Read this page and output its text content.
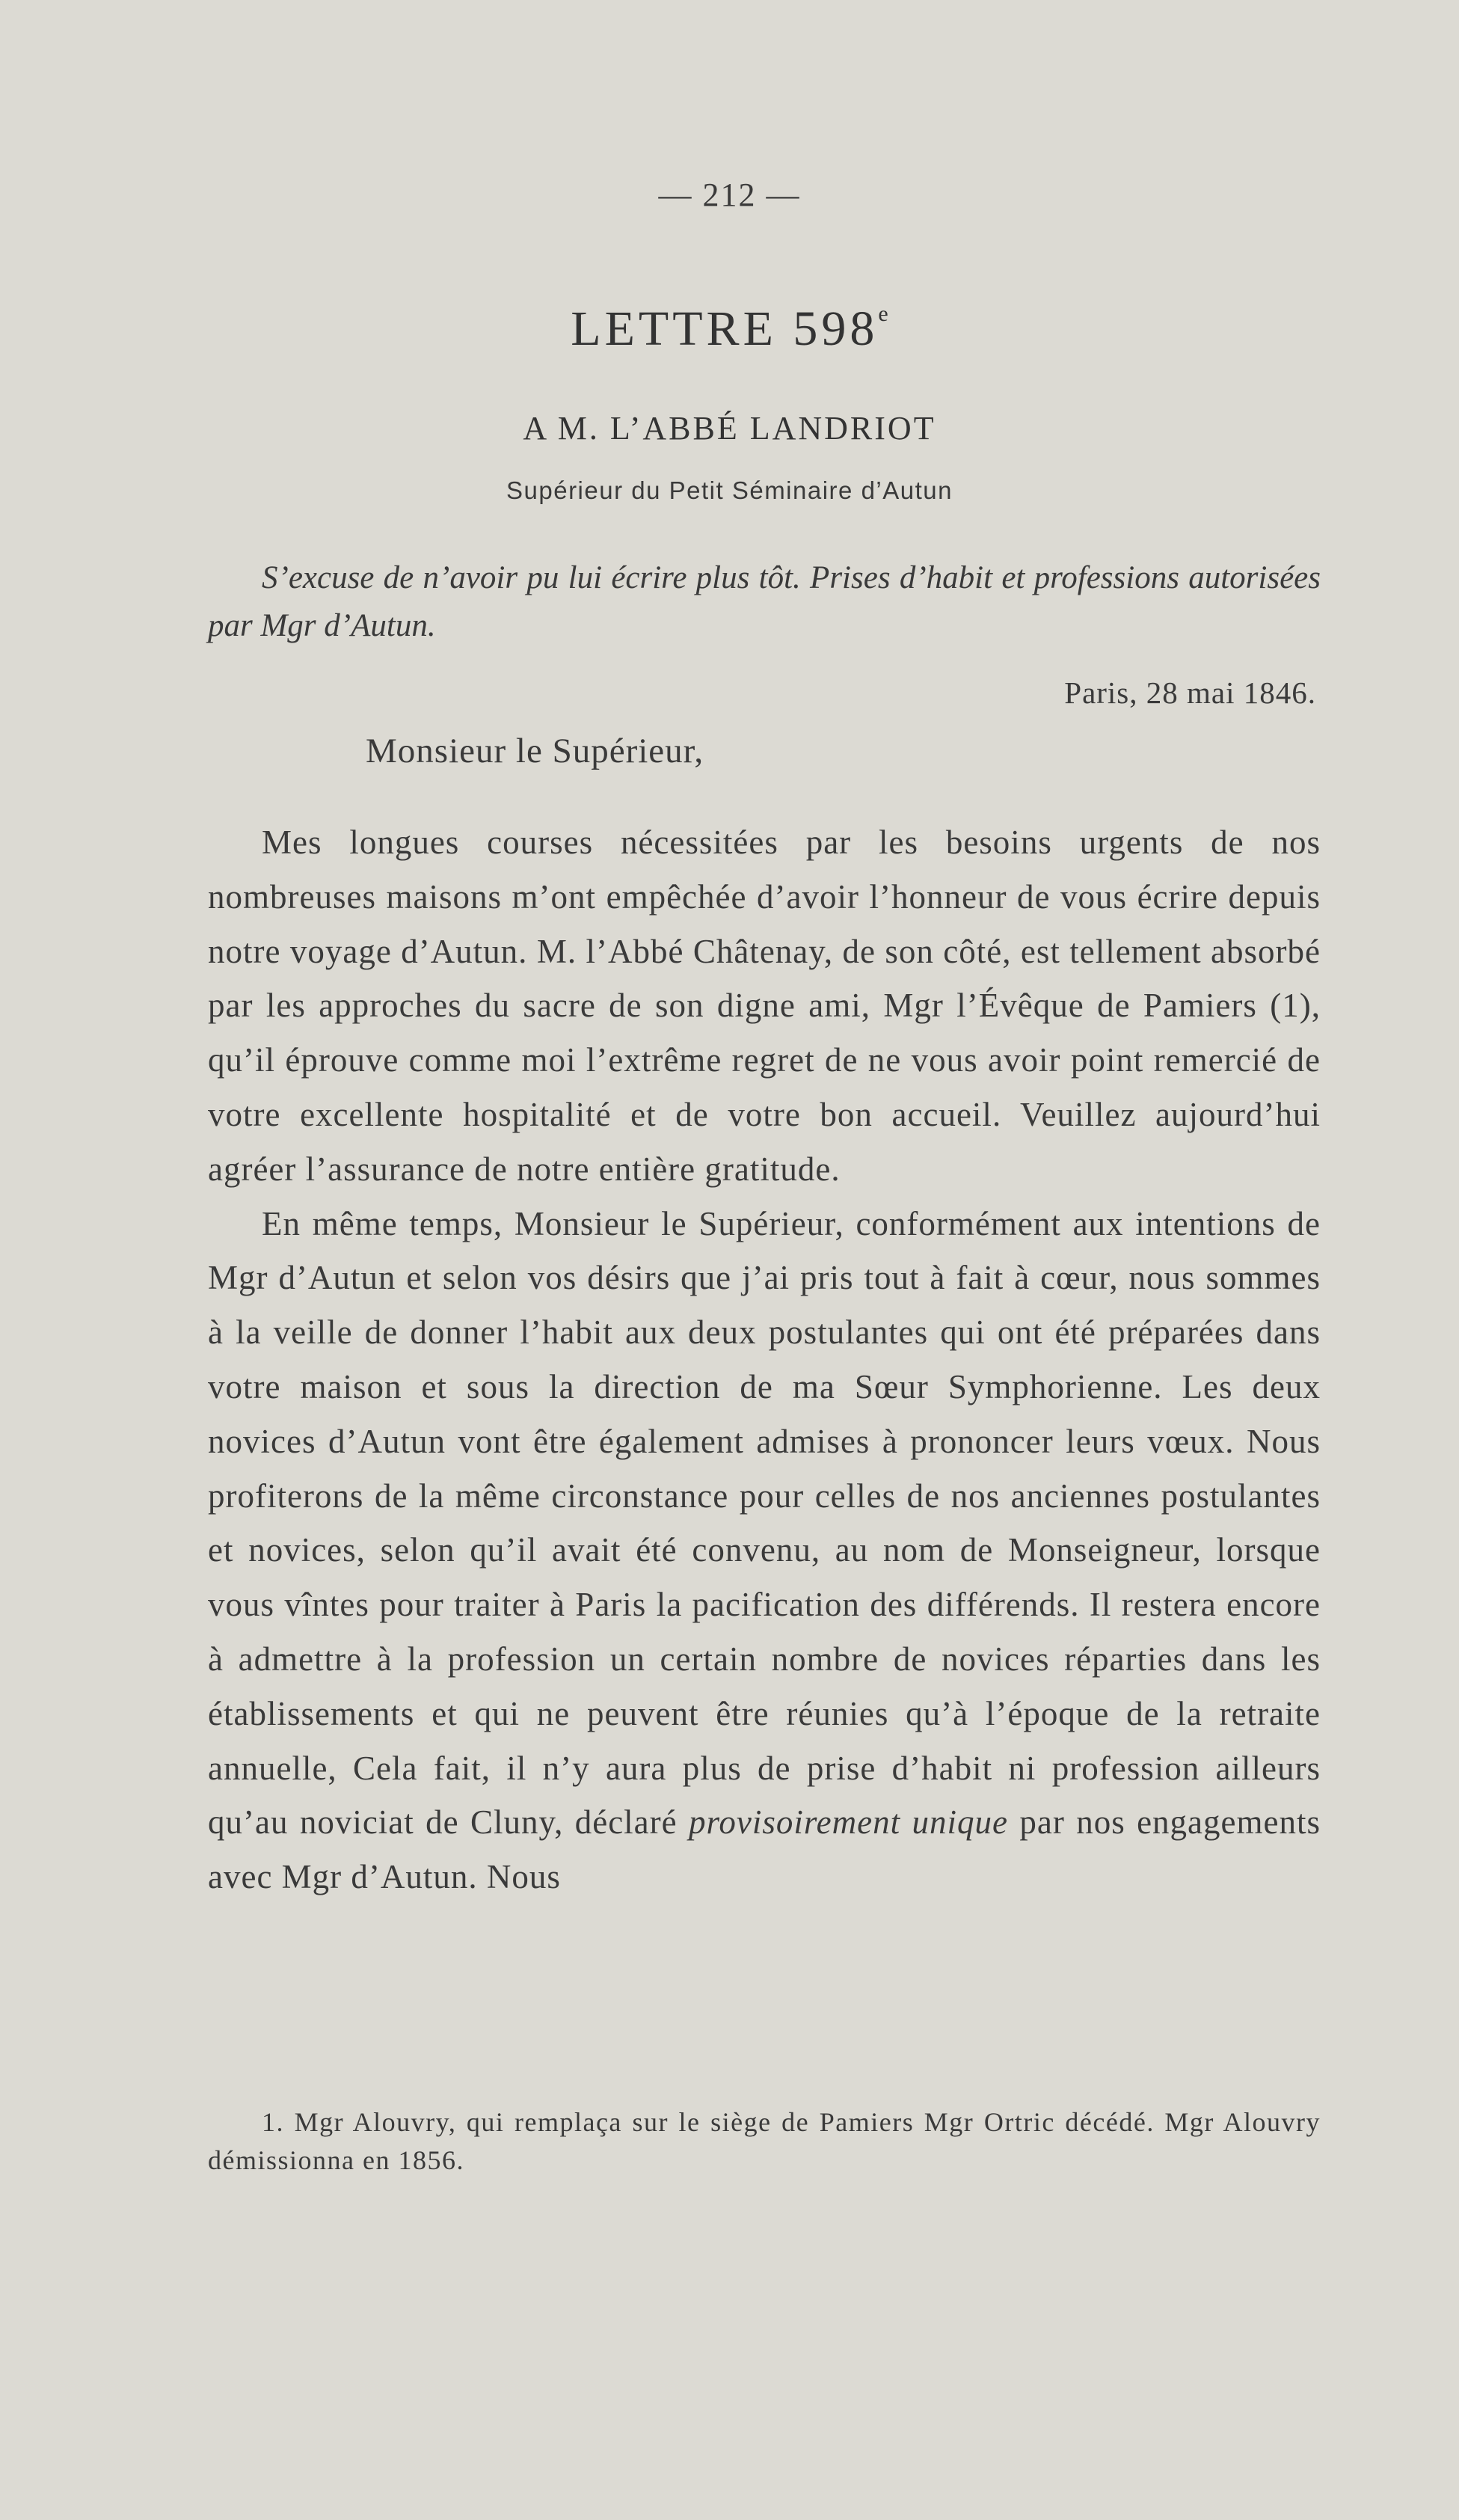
— 212 —
LETTRE 598e
A M. L’ABBÉ LANDRIOT
Supérieur du Petit Séminaire d’Autun
S’excuse de n’avoir pu lui écrire plus tôt. Prises d’habit et professions autorisées par Mgr d’Autun.
Paris, 28 mai 1846.
Monsieur le Supérieur,

Mes longues courses nécessitées par les besoins urgents de nos nombreuses maisons m’ont empêchée d’avoir l’honneur de vous écrire depuis notre voyage d’Autun. M. l’Abbé Châtenay, de son côté, est tellement absorbé par les approches du sacre de son digne ami, Mgr l’Évêque de Pamiers (1), qu’il éprouve comme moi l’extrême regret de ne vous avoir point remercié de votre excellente hospitalité et de votre bon accueil. Veuillez aujourd’hui agréer l’assurance de notre entière gratitude.

En même temps, Monsieur le Supérieur, conformément aux intentions de Mgr d’Autun et selon vos désirs que j’ai pris tout à fait à cœur, nous sommes à la veille de donner l’habit aux deux postulantes qui ont été préparées dans votre maison et sous la direction de ma Sœur Symphorienne. Les deux novices d’Autun vont être également admises à prononcer leurs vœux. Nous profiterons de la même circonstance pour celles de nos anciennes postulantes et novices, selon qu’il avait été convenu, au nom de Monseigneur, lorsque vous vîntes pour traiter à Paris la pacification des différends. Il restera encore à admettre à la profession un certain nombre de novices réparties dans les établissements et qui ne peuvent être réunies qu’à l’époque de la retraite annuelle, Cela fait, il n’y aura plus de prise d’habit ni profession ailleurs qu’au noviciat de Cluny, déclaré provisoirement unique par nos engagements avec Mgr d’Autun. Nous

1. Mgr Alouvry, qui remplaça sur le siège de Pamiers Mgr Ortric décédé. Mgr Alouvry démissionna en 1856.
